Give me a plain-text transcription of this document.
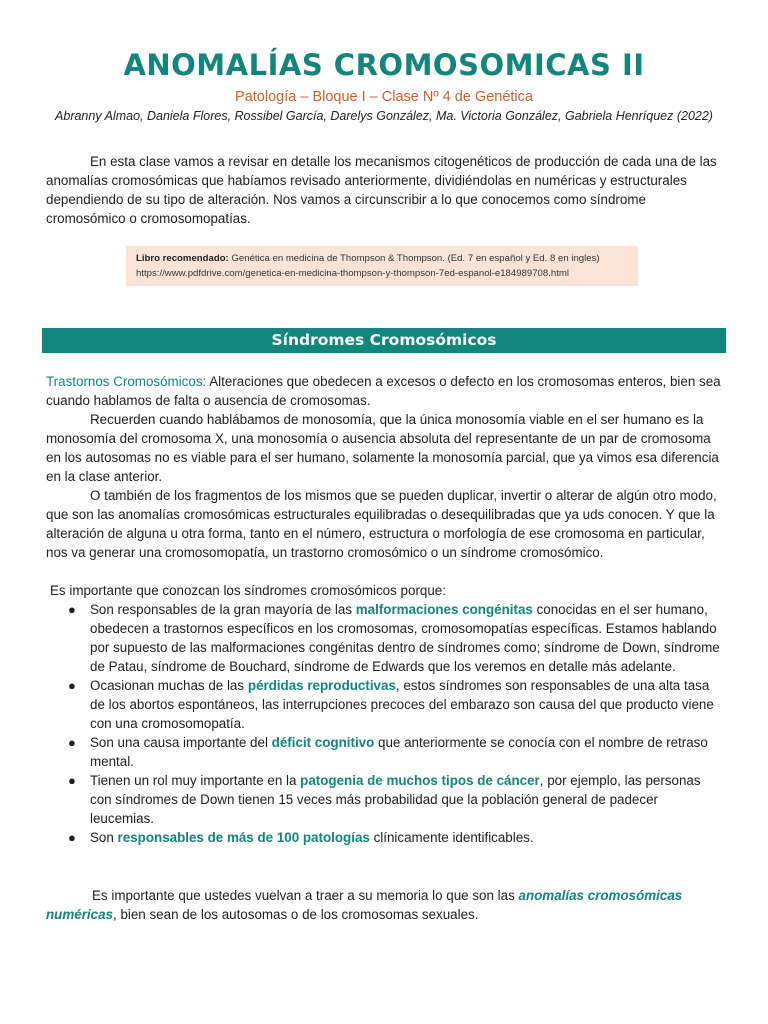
ANOMALÍAS CROMOSOMICAS II
Patología – Bloque I – Clase Nº 4 de Genética
Abranny Almao, Daniela Flores, Rossibel García, Darelys González, Ma. Victoria González, Gabriela Henríquez (2022)

En esta clase vamos a revisar en detalle los mecanismos citogenéticos de producción de cada una de las anomalías cromosómicas que habíamos revisado anteriormente, dividiéndolas en numéricas y estructurales dependiendo de su tipo de alteración. Nos vamos a circunscribir a lo que conocemos como síndrome cromosómico o cromosomopatías.

Libro recomendado: Genética en medicina de Thompson & Thompson. (Ed. 7 en español y Ed. 8 en ingles)
https://www.pdfdrive.com/genetica-en-medicina-thompson-y-thompson-7ed-espanol-e184989708.html
Síndromes Cromosómicos

Trastornos Cromosómicos: Alteraciones que obedecen a excesos o defecto en los cromosomas enteros, bien sea cuando hablamos de falta o ausencia de cromosomas.

Recuerden cuando hablábamos de monosomía, que la única monosomía viable en el ser humano es la monosomía del cromosoma X, una monosomía o ausencia absoluta del representante de un par de cromosoma en los autosomas no es viable para el ser humano, solamente la monosomía parcial, que ya vimos esa diferencia en la clase anterior.

O también de los fragmentos de los mismos que se pueden duplicar, invertir o alterar de algún otro modo, que son las anomalías cromosómicas estructurales equilibradas o desequilibradas que ya uds conocen. Y que la alteración de alguna u otra forma, tanto en el número, estructura o morfología de ese cromosoma en particular, nos va generar una cromosomopatía, un trastorno cromosómico o un síndrome cromosómico.

Es importante que conozcan los síndromes cromosómicos porque:

● Son responsables de la gran mayoría de las malformaciones congénitas conocidas en el ser humano, obedecen a trastornos específicos en los cromosomas, cromosomopatías específicas. Estamos hablando por supuesto de las malformaciones congénitas dentro de síndromes como; síndrome de Down, síndrome de Patau, síndrome de Bouchard, síndrome de Edwards que los veremos en detalle más adelante.
● Ocasionan muchas de las pérdidas reproductivas, estos síndromes son responsables de una alta tasa de los abortos espontáneos, las interrupciones precoces del embarazo son causa del que producto viene con una cromosomopatía.
● Son una causa importante del déficit cognitivo que anteriormente se conocía con el nombre de retraso mental.
● Tienen un rol muy importante en la patogenia de muchos tipos de cáncer, por ejemplo, las personas con síndromes de Down tienen 15 veces más probabilidad que la población general de padecer leucemias.
● Son responsables de más de 100 patologías clínicamente identificables.

Es importante que ustedes vuelvan a traer a su memoria lo que son las anomalías cromosómicas numéricas, bien sean de los autosomas o de los cromosomas sexuales.
